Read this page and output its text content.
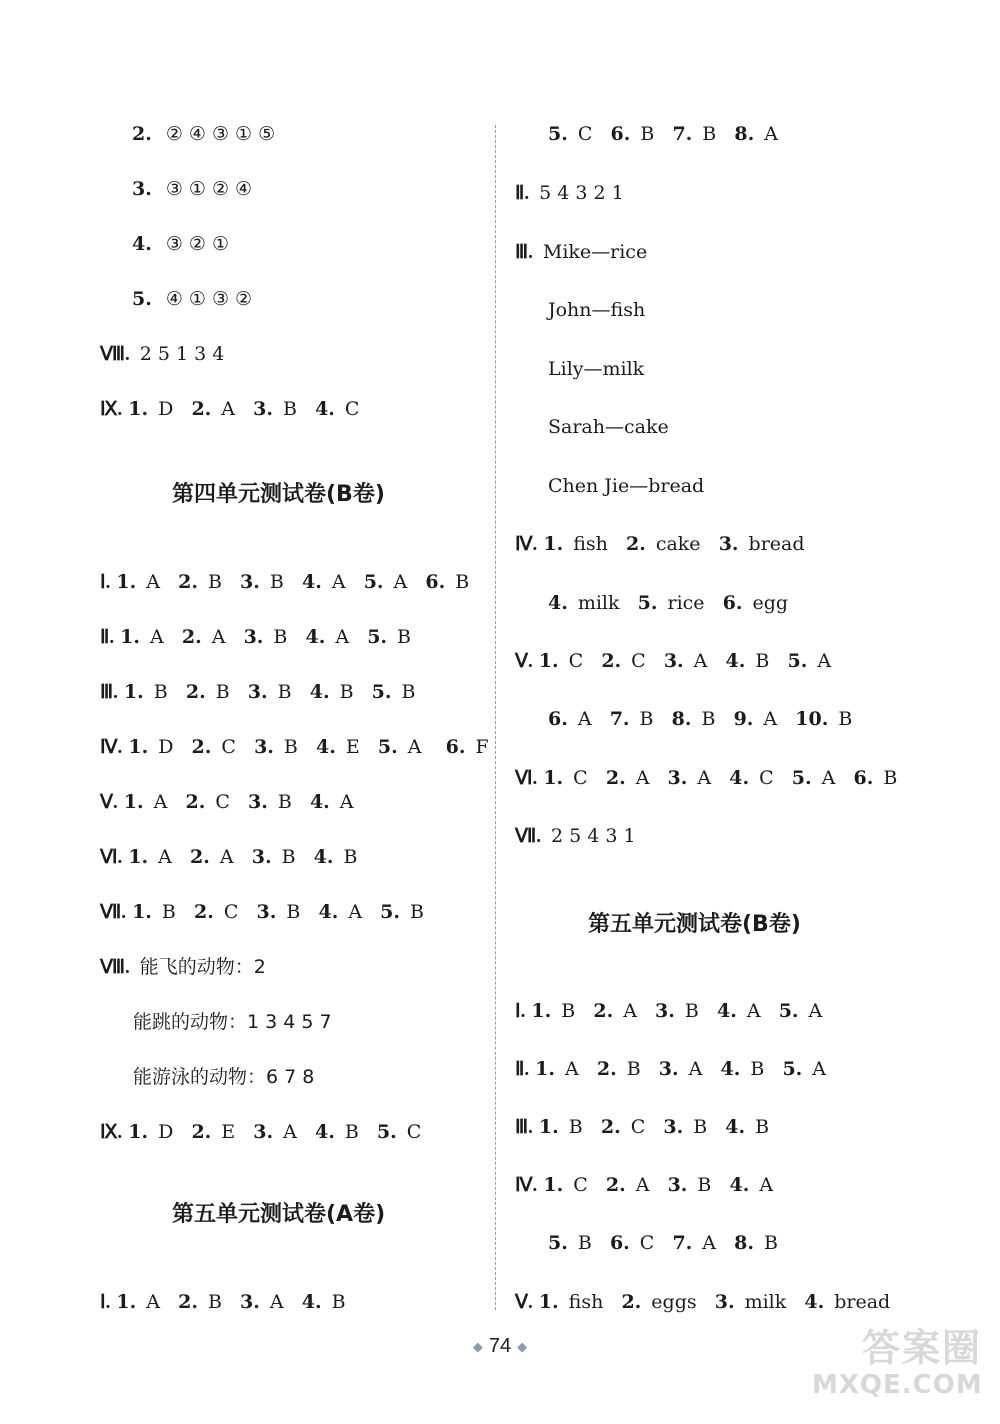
2. ② ④ ③ ① ⑤
3. ③ ① ② ④
4. ③ ② ①
5. ④ ① ③ ②
Ⅷ. 2 5 1 3 4
Ⅸ. 1. D 2. A 3. B 4. C
第四单元测试卷(B卷)
Ⅰ. 1. A 2. B 3. B 4. A 5. A 6. B
Ⅱ. 1. A 2. A 3. B 4. A 5. B
Ⅲ. 1. B 2. B 3. B 4. B 5. B
Ⅳ. 1. D 2. C 3. B 4. E 5. A 6. F
Ⅴ. 1. A 2. C 3. B 4. A
Ⅵ. 1. A 2. A 3. B 4. B
Ⅶ. 1. B 2. C 3. B 4. A 5. B
Ⅷ. 能飞的动物：2
能跳的动物：1 3 4 5 7
能游泳的动物：6 7 8
Ⅸ. 1. D 2. E 3. A 4. B 5. C
第五单元测试卷(A卷)
Ⅰ. 1. A 2. B 3. A 4. B
5. C 6. B 7. B 8. A
Ⅱ. 5 4 3 2 1
Ⅲ. Mike—rice
John—fish
Lily—milk
Sarah—cake
Chen Jie—bread
Ⅳ. 1. fish 2. cake 3. bread
4. milk 5. rice 6. egg
Ⅴ. 1. C 2. C 3. A 4. B 5. A
6. A 7. B 8. B 9. A 10. B
Ⅵ. 1. C 2. A 3. A 4. C 5. A 6. B
Ⅶ. 2 5 4 3 1
第五单元测试卷(B卷)
Ⅰ. 1. B 2. A 3. B 4. A 5. A
Ⅱ. 1. A 2. B 3. A 4. B 5. A
Ⅲ. 1. B 2. C 3. B 4. B
Ⅳ. 1. C 2. A 3. B 4. A
5. B 6. C 7. A 8. B
Ⅴ. 1. fish 2. eggs 3. milk 4. bread
◆ 74 ◆	答案圈
MXQE.COM
